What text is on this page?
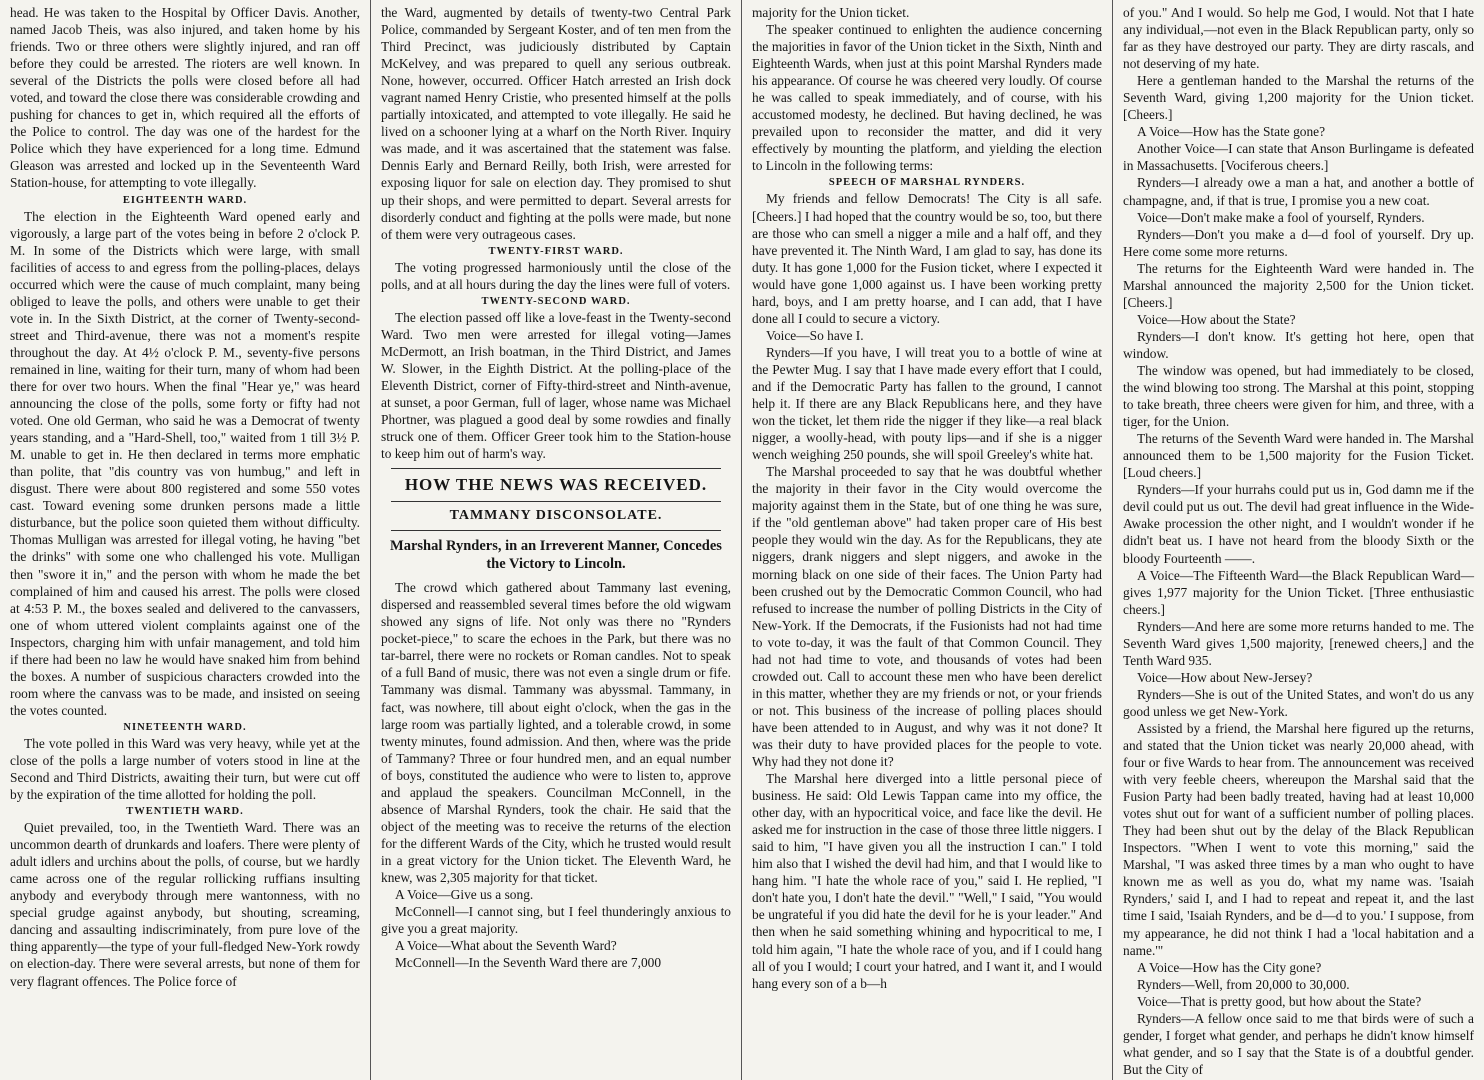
head. He was taken to the Hospital by Officer Davis. Another, named Jacob Theis, was also injured, and taken home by his friends. Two or three others were slightly injured, and ran off before they could be arrested. The rioters are well known. In several of the Districts the polls were closed before all had voted, and toward the close there was considerable crowding and pushing for chances to get in, which required all the efforts of the Police to control. The day was one of the hardest for the Police which they have experienced for a long time. Edmund Gleason was arrested and locked up in the Seventeenth Ward Station-house, for attempting to vote illegally.

EIGHTEENTH WARD.

The election in the Eighteenth Ward opened early and vigorously, a large part of the votes being in before 2 o'clock P. M. In some of the Districts which were large, with small facilities of access to and egress from the polling-places, delays occurred which were the cause of much complaint, many being obliged to leave the polls, and others were unable to get their vote in. In the Sixth District, at the corner of Twenty-second-street and Third-avenue, there was not a moment's respite throughout the day. At 4½ o'clock P. M., seventy-five persons remained in line, waiting for their turn, many of whom had been there for over two hours. When the final "Hear ye," was heard announcing the close of the polls, some forty or fifty had not voted. One old German, who said he was a Democrat of twenty years standing, and a "Hard-Shell, too," waited from 1 till 3½ P. M. unable to get in. He then declared in terms more emphatic than polite, that "dis country vas von humbug," and left in disgust. There were about 800 registered and some 550 votes cast. Toward evening some drunken persons made a little disturbance, but the police soon quieted them without difficulty. Thomas Mulligan was arrested for illegal voting, he having "bet the drinks" with some one who challenged his vote. Mulligan then "swore it in," and the person with whom he made the bet complained of him and caused his arrest. The polls were closed at 4:53 P. M., the boxes sealed and delivered to the canvassers, one of whom uttered violent complaints against one of the Inspectors, charging him with unfair management, and told him if there had been no law he would have snaked him from behind the boxes. A number of suspicious characters crowded into the room where the canvass was to be made, and insisted on seeing the votes counted.

NINETEENTH WARD.

The vote polled in this Ward was very heavy, while yet at the close of the polls a large number of voters stood in line at the Second and Third Districts, awaiting their turn, but were cut off by the expiration of the time allotted for holding the poll.

TWENTIETH WARD.

Quiet prevailed, too, in the Twentieth Ward. There was an uncommon dearth of drunkards and loafers. There were plenty of adult idlers and urchins about the polls, of course, but we hardly came across one of the regular rollicking ruffians insulting anybody and everybody through mere wantonness, with no special grudge against anybody, but shouting, screaming, dancing and assaulting indiscriminately, from pure love of the thing apparently—the type of your full-fledged New-York rowdy on election-day. There were several arrests, but none of them for very flagrant offences. The Police force of

the Ward, augmented by details of twenty-two Central Park Police, commanded by Sergeant Koster, and of ten men from the Third Precinct, was judiciously distributed by Captain McKelvey, and was prepared to quell any serious outbreak. None, however, occurred. Officer Hatch arrested an Irish dock vagrant named Henry Cristie, who presented himself at the polls partially intoxicated, and attempted to vote illegally. He said he lived on a schooner lying at a wharf on the North River. Inquiry was made, and it was ascertained that the statement was false. Dennis Early and Bernard Reilly, both Irish, were arrested for exposing liquor for sale on election day. They promised to shut up their shops, and were permitted to depart. Several arrests for disorderly conduct and fighting at the polls were made, but none of them were very outrageous cases.

TWENTY-FIRST WARD.

The voting progressed harmoniously until the close of the polls, and at all hours during the day the lines were full of voters.

TWENTY-SECOND WARD.

The election passed off like a love-feast in the Twenty-second Ward. Two men were arrested for illegal voting—James McDermott, an Irish boatman, in the Third District, and James W. Slower, in the Eighth District. At the polling-place of the Eleventh District, corner of Fifty-third-street and Ninth-avenue, at sunset, a poor German, full of lager, whose name was Michael Phortner, was plagued a good deal by some rowdies and finally struck one of them. Officer Greer took him to the Station-house to keep him out of harm's way.

HOW THE NEWS WAS RECEIVED.
TAMMANY DISCONSOLATE.
Marshal Rynders, in an Irreverent Manner, Concedes the Victory to Lincoln.

The crowd which gathered about Tammany last evening, dispersed and reassembled several times before the old wigwam showed any signs of life. Not only was there no "Rynders pocket-piece," to scare the echoes in the Park, but there was no tar-barrel, there were no rockets or Roman candles. Not to speak of a full Band of music, there was not even a single drum or fife. Tammany was dismal. Tammany was abyssmal. Tammany, in fact, was nowhere, till about eight o'clock, when the gas in the large room was partially lighted, and a tolerable crowd, in some twenty minutes, found admission. And then, where was the pride of Tammany? Three or four hundred men, and an equal number of boys, constituted the audience who were to listen to, approve and applaud the speakers. Councilman McConnell, in the absence of Marshal Rynders, took the chair. He said that the object of the meeting was to receive the returns of the election for the different Wards of the City, which he trusted would result in a great victory for the Union ticket. The Eleventh Ward, he knew, was 2,305 majority for that ticket.

A Voice—Give us a song.

McConnell—I cannot sing, but I feel thunderingly anxious to give you a great majority.

A Voice—What about the Seventh Ward?

McConnell—In the Seventh Ward there are 7,000

majority for the Union ticket.

The speaker continued to enlighten the audience concerning the majorities in favor of the Union ticket in the Sixth, Ninth and Eighteenth Wards, when just at this point Marshal Rynders made his appearance. Of course he was cheered very loudly. Of course he was called to speak immediately, and of course, with his accustomed modesty, he declined. But having declined, he was prevailed upon to reconsider the matter, and did it very effectively by mounting the platform, and yielding the election to Lincoln in the following terms:

SPEECH OF MARSHAL RYNDERS.

My friends and fellow Democrats! The City is all safe. [Cheers.] I had hoped that the country would be so, too, but there are those who can smell a nigger a mile and a half off, and they have prevented it. The Ninth Ward, I am glad to say, has done its duty. It has gone 1,000 for the Fusion ticket, where I expected it would have gone 1,000 against us. I have been working pretty hard, boys, and I am pretty hoarse, and I can add, that I have done all I could to secure a victory.

Voice—So have I.

Rynders—If you have, I will treat you to a bottle of wine at the Pewter Mug. I say that I have made every effort that I could, and if the Democratic Party has fallen to the ground, I cannot help it. If there are any Black Republicans here, and they have won the ticket, let them ride the nigger if they like—a real black nigger, a woolly-head, with pouty lips—and if she is a nigger wench weighing 250 pounds, she will spoil Greeley's white hat.

The Marshal proceeded to say that he was doubtful whether the majority in their favor in the City would overcome the majority against them in the State, but of one thing he was sure, if the "old gentleman above" had taken proper care of His best people they would win the day. As for the Republicans, they ate niggers, drank niggers and slept niggers, and awoke in the morning black on one side of their faces. The Union Party had been crushed out by the Democratic Common Council, who had refused to increase the number of polling Districts in the City of New-York. If the Democrats, if the Fusionists had not had time to vote to-day, it was the fault of that Common Council. They had not had time to vote, and thousands of votes had been crowded out. Call to account these men who have been derelict in this matter, whether they are my friends or not, or your friends or not. This business of the increase of polling places should have been attended to in August, and why was it not done? It was their duty to have provided places for the people to vote. Why had they not done it?

The Marshal here diverged into a little personal piece of business. He said: Old Lewis Tappan came into my office, the other day, with an hypocritical voice, and face like the devil. He asked me for instruction in the case of those three little niggers. I said to him, "I have given you all the instruction I can." I told him also that I wished the devil had him, and that I would like to hang him. "I hate the whole race of you," said I. He replied, "I don't hate you, I don't hate the devil." "Well," I said, "You would be ungrateful if you did hate the devil for he is your leader." And then when he said something whining and hypocritical to me, I told him again, "I hate the whole race of you, and if I could hang all of you I would; I court your hatred, and I want it, and I would hang every son of a b—h

of you." And I would. So help me God, I would. Not that I hate any individual,—not even in the Black Republican party, only so far as they have destroyed our party. They are dirty rascals, and not deserving of my hate.

Here a gentleman handed to the Marshal the returns of the Seventh Ward, giving 1,200 majority for the Union ticket. [Cheers.]

A Voice—How has the State gone?

Another Voice—I can state that Anson Burlingame is defeated in Massachusetts. [Vociferous cheers.]

Rynders—I already owe a man a hat, and another a bottle of champagne, and, if that is true, I promise you a new coat.

Voice—Don't make make a fool of yourself, Rynders.

Rynders—Don't you make a d—d fool of yourself. Dry up. Here come some more returns.

The returns for the Eighteenth Ward were handed in. The Marshal announced the majority 2,500 for the Union ticket. [Cheers.]

Voice—How about the State?

Rynders—I don't know. It's getting hot here, open that window.

The window was opened, but had immediately to be closed, the wind blowing too strong. The Marshal at this point, stopping to take breath, three cheers were given for him, and three, with a tiger, for the Union.

The returns of the Seventh Ward were handed in. The Marshal announced them to be 1,500 majority for the Fusion Ticket. [Loud cheers.]

Rynders—If your hurrahs could put us in, God damn me if the devil could put us out. The devil had great influence in the Wide-Awake procession the other night, and I wouldn't wonder if he didn't beat us. I have not heard from the bloody Sixth or the bloody Fourteenth ——.

A Voice—The Fifteenth Ward—the Black Republican Ward—gives 1,977 majority for the Union Ticket. [Three enthusiastic cheers.]

Rynders—And here are some more returns handed to me. The Seventh Ward gives 1,500 majority, [renewed cheers,] and the Tenth Ward 935.

Voice—How about New-Jersey?

Rynders—She is out of the United States, and won't do us any good unless we get New-York.

Assisted by a friend, the Marshal here figured up the returns, and stated that the Union ticket was nearly 20,000 ahead, with four or five Wards to hear from. The announcement was received with very feeble cheers, whereupon the Marshal said that the Fusion Party had been badly treated, having had at least 10,000 votes shut out for want of a sufficient number of polling places. They had been shut out by the delay of the Black Republican Inspectors. "When I went to vote this morning," said the Marshal, "I was asked three times by a man who ought to have known me as well as you do, what my name was. 'Isaiah Rynders,' said I, and I had to repeat and repeat it, and the last time I said, 'Isaiah Rynders, and be d—d to you.' I suppose, from my appearance, he did not think I had a 'local habitation and a name.'"

A Voice—How has the City gone?

Rynders—Well, from 20,000 to 30,000.

Voice—That is pretty good, but how about the State?

Rynders—A fellow once said to me that birds were of such a gender, I forget what gender, and perhaps he didn't know himself what gender, and so I say that the State is of a doubtful gender. But the City of
